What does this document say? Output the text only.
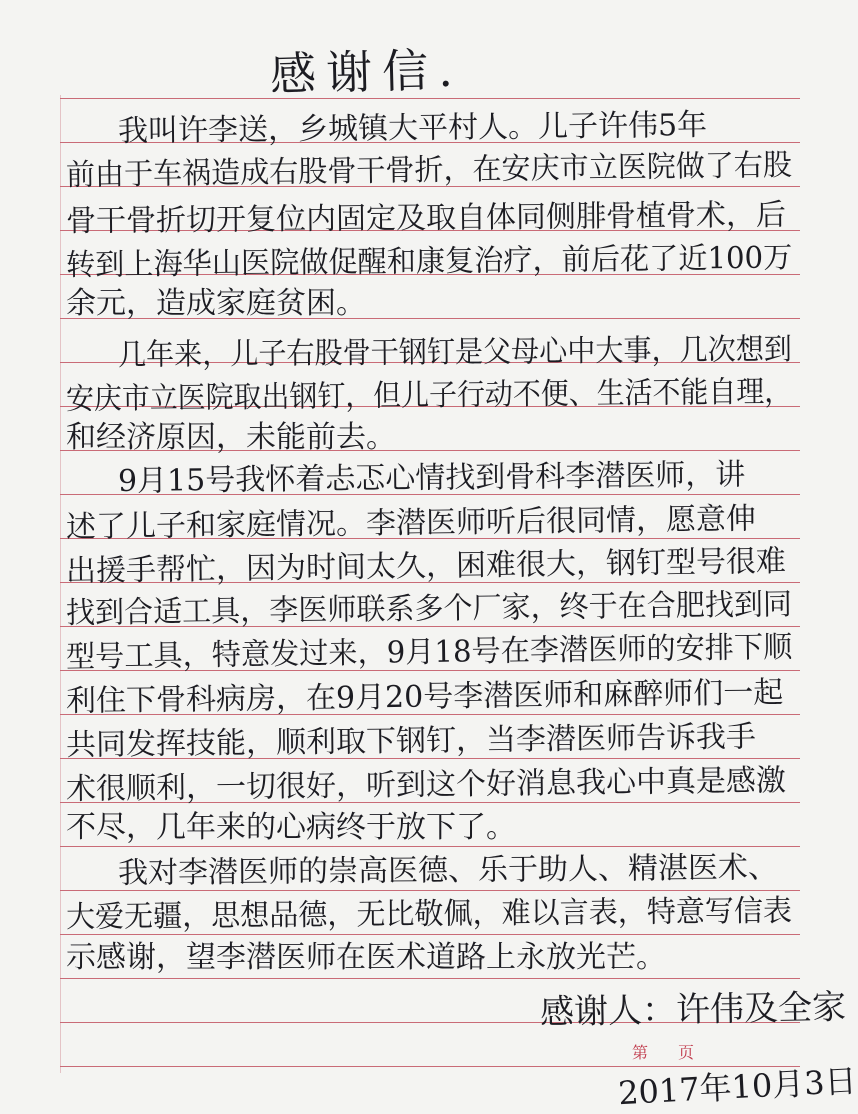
感谢信.
我叫许李送，乡城镇大平村人。儿子许伟5年
前由于车祸造成右股骨干骨折，在安庆市立医院做了右股
骨干骨折切开复位内固定及取自体同侧腓骨植骨术，后
转到上海华山医院做促醒和康复治疗，前后花了近100万
余元，造成家庭贫困。
几年来，儿子右股骨干钢钉是父母心中大事，几次想到
安庆市立医院取出钢钉，但儿子行动不便、生活不能自理，
和经济原因，未能前去。
9月15号我怀着忐忑心情找到骨科李潜医师，讲
述了儿子和家庭情况。李潜医师听后很同情，愿意伸
出援手帮忙，因为时间太久，困难很大，钢钉型号很难
找到合适工具，李医师联系多个厂家，终于在合肥找到同
型号工具，特意发过来，9月18号在李潜医师的安排下顺
利住下骨科病房，在9月20号李潜医师和麻醉师们一起
共同发挥技能，顺利取下钢钉，当李潜医师告诉我手
术很顺利，一切很好，听到这个好消息我心中真是感激
不尽，几年来的心病终于放下了。
我对李潜医师的崇高医德、乐于助人、精湛医术、
大爱无疆，思想品德，无比敬佩，难以言表，特意写信表
示感谢，望李潜医师在医术道路上永放光芒。
感谢人：许伟及全家
第页
2017年10月3日
